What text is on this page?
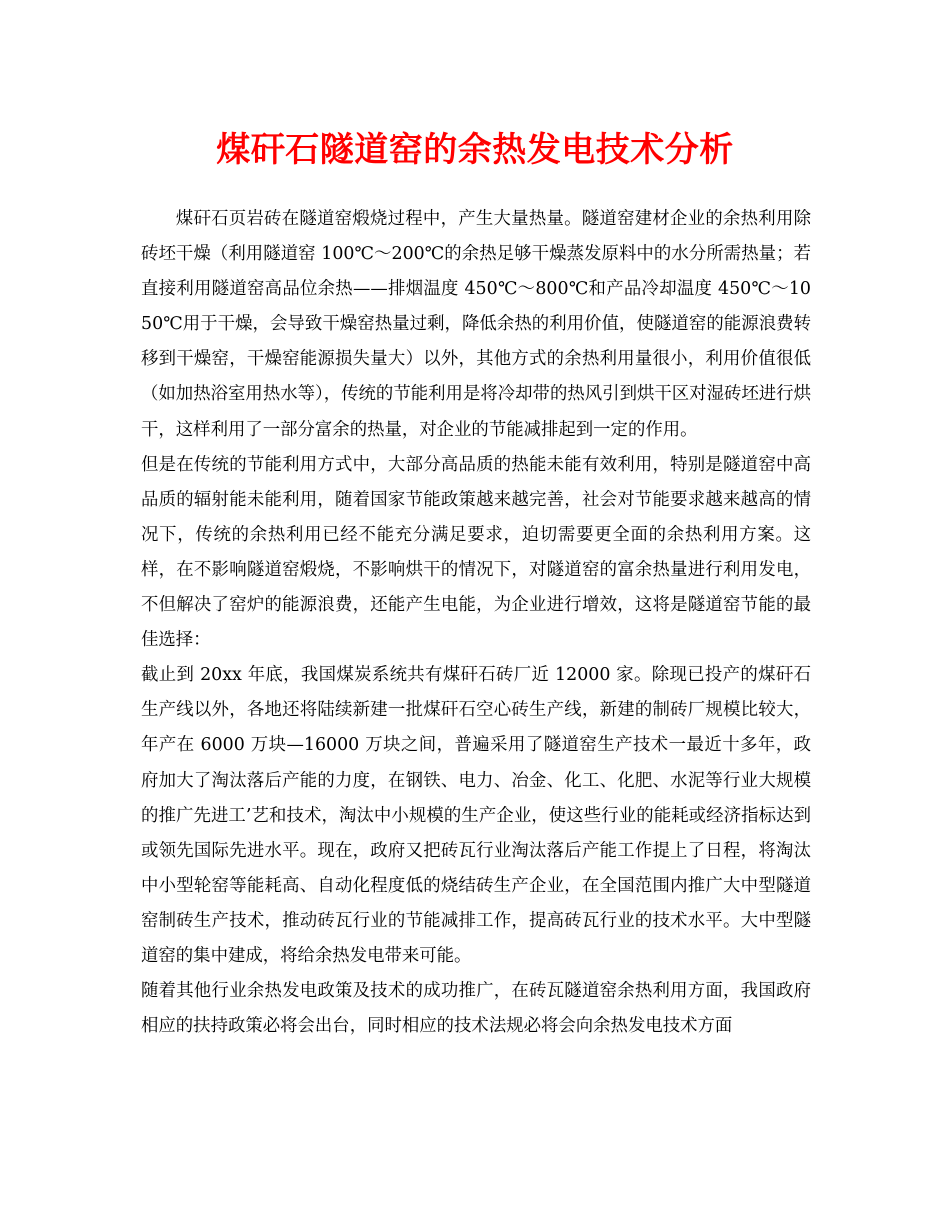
煤矸石隧道窑的余热发电技术分析

煤矸石页岩砖在隧道窑煅烧过程中，产生大量热量。隧道窑建材企业的余热利用除砖坯干燥（利用隧道窑 100℃～200℃的余热足够干燥蒸发原料中的水分所需热量；若直接利用隧道窑高品位余热——排烟温度 450℃～800℃和产品冷却温度 450℃～1050℃用于干燥，会导致干燥窑热量过剩，降低余热的利用价值，使隧道窑的能源浪费转移到干燥窑，干燥窑能源损失量大）以外，其他方式的余热利用量很小，利用价值很低（如加热浴室用热水等），传统的节能利用是将冷却带的热风引到烘干区对湿砖坯进行烘干，这样利用了一部分富余的热量，对企业的节能减排起到一定的作用。

但是在传统的节能利用方式中，大部分高品质的热能未能有效利用，特别是隧道窑中高品质的辐射能未能利用，随着国家节能政策越来越完善，社会对节能要求越来越高的情况下，传统的余热利用已经不能充分满足要求，迫切需要更全面的余热利用方案。这样，在不影响隧道窑煅烧，不影响烘干的情况下，对隧道窑的富余热量进行利用发电，不但解决了窑炉的能源浪费，还能产生电能，为企业进行增效，这将是隧道窑节能的最佳选择：

截止到 20xx 年底，我国煤炭系统共有煤矸石砖厂近 12000 家。除现已投产的煤矸石生产线以外，各地还将陆续新建一批煤矸石空心砖生产线，新建的制砖厂规模比较大，年产在 6000 万块—16000 万块之间，普遍采用了隧道窑生产技术一最近十多年，政府加大了淘汰落后产能的力度，在钢铁、电力、冶金、化工、化肥、水泥等行业大规模的推广先进工’艺和技术，淘汰中小规模的生产企业，使这些行业的能耗或经济指标达到或领先国际先进水平。现在，政府又把砖瓦行业淘汰落后产能工作提上了日程，将淘汰中小型轮窑等能耗高、自动化程度低的烧结砖生产企业，在全国范围内推广大中型隧道窑制砖生产技术，推动砖瓦行业的节能减排工作，提高砖瓦行业的技术水平。大中型隧道窑的集中建成，将给余热发电带来可能。

随着其他行业余热发电政策及技术的成功推广，在砖瓦隧道窑余热利用方面，我国政府相应的扶持政策必将会出台，同时相应的技术法规必将会向余热发电技术方面
